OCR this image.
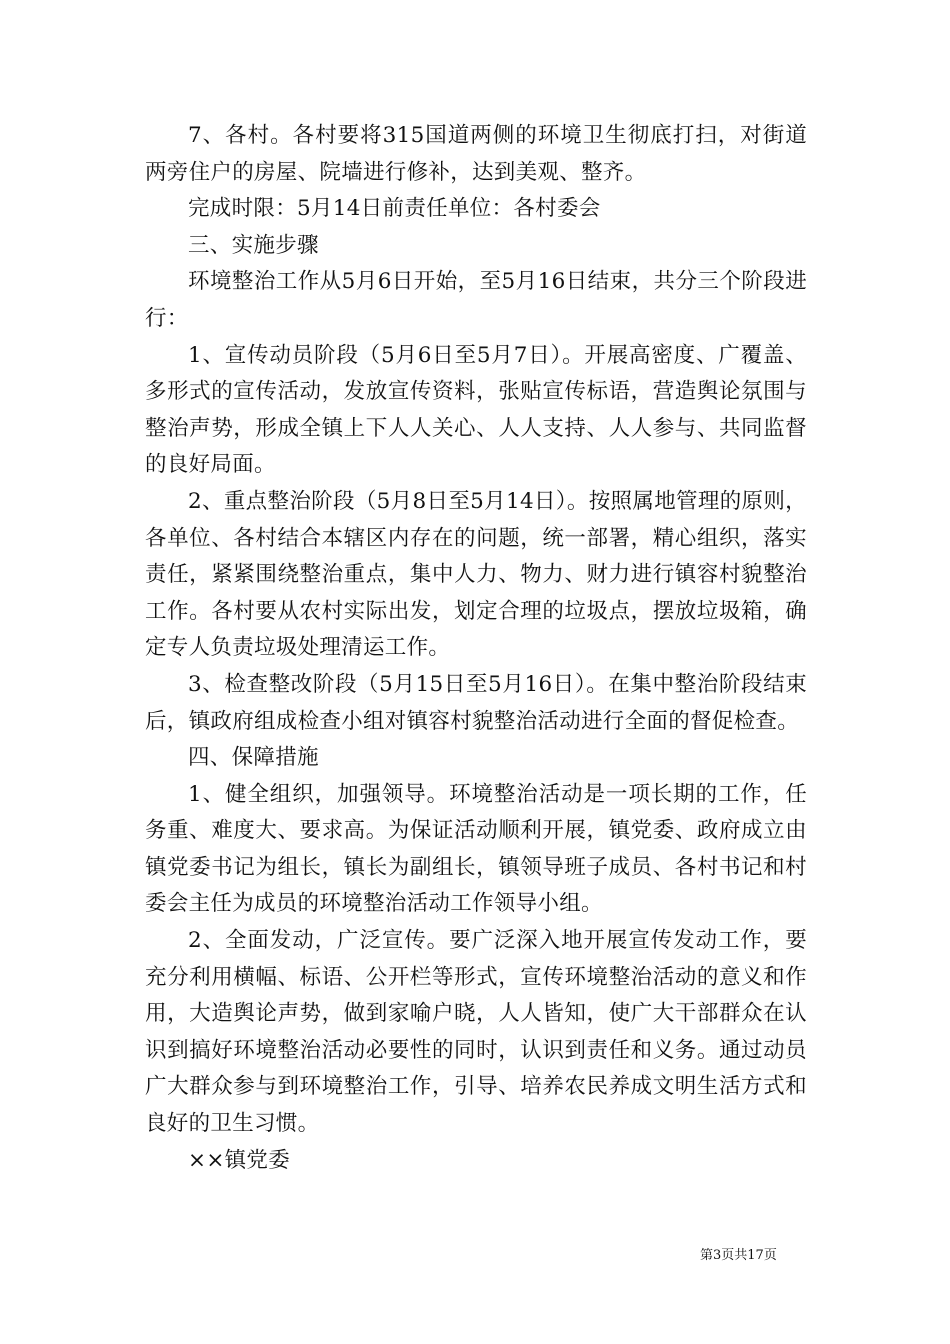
7、各村。各村要将315国道两侧的环境卫生彻底打扫，对街道两旁住户的房屋、院墙进行修补，达到美观、整齐。

完成时限：5月14日前责任单位：各村委会

三、实施步骤

环境整治工作从5月6日开始，至5月16日结束，共分三个阶段进行：

1、宣传动员阶段（5月6日至5月7日）。开展高密度、广覆盖、多形式的宣传活动，发放宣传资料，张贴宣传标语，营造舆论氛围与整治声势，形成全镇上下人人关心、人人支持、人人参与、共同监督的良好局面。

2、重点整治阶段（5月8日至5月14日）。按照属地管理的原则，各单位、各村结合本辖区内存在的问题，统一部署，精心组织，落实责任，紧紧围绕整治重点，集中人力、物力、财力进行镇容村貌整治工作。各村要从农村实际出发，划定合理的垃圾点，摆放垃圾箱，确定专人负责垃圾处理清运工作。

3、检查整改阶段（5月15日至5月16日）。在集中整治阶段结束后，镇政府组成检查小组对镇容村貌整治活动进行全面的督促检查。

四、保障措施

1、健全组织，加强领导。环境整治活动是一项长期的工作，任务重、难度大、要求高。为保证活动顺利开展，镇党委、政府成立由镇党委书记为组长，镇长为副组长，镇领导班子成员、各村书记和村委会主任为成员的环境整治活动工作领导小组。

2、全面发动，广泛宣传。要广泛深入地开展宣传发动工作，要充分利用横幅、标语、公开栏等形式，宣传环境整治活动的意义和作用，大造舆论声势，做到家喻户晓，人人皆知，使广大干部群众在认识到搞好环境整治活动必要性的同时，认识到责任和义务。通过动员广大群众参与到环境整治工作，引导、培养农民养成文明生活方式和良好的卫生习惯。

××镇党委

第3页共17页
